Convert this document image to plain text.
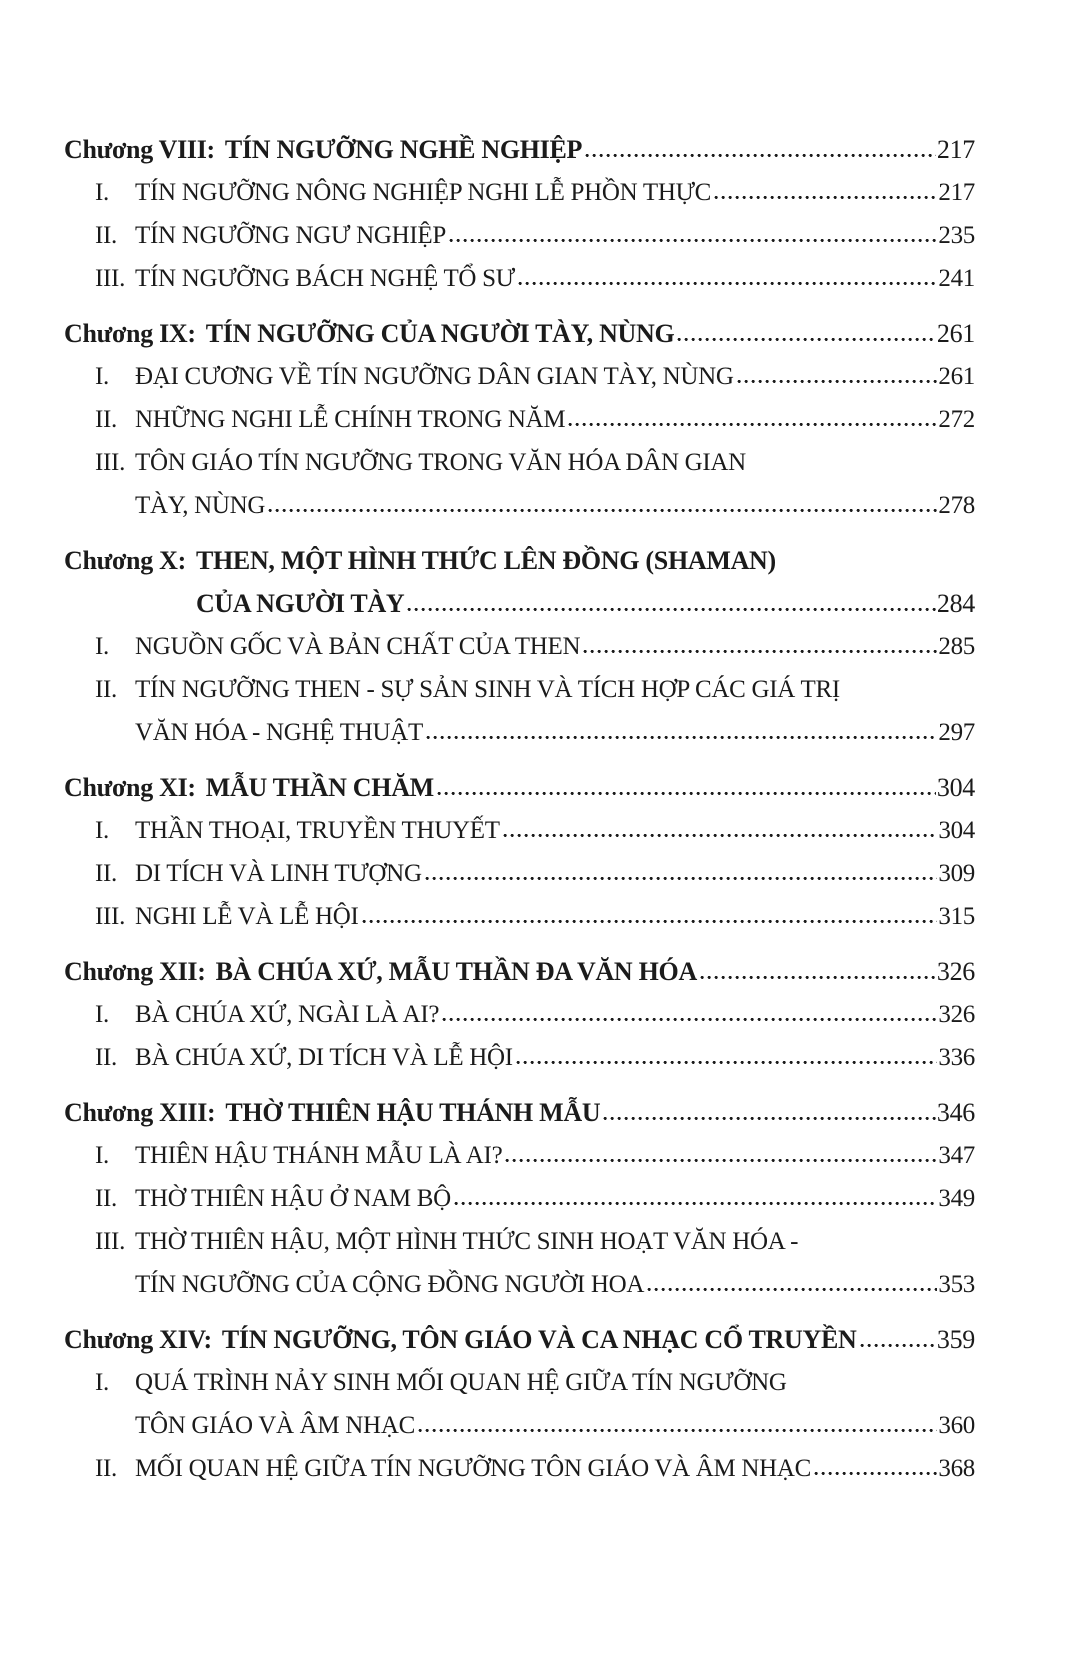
Chương VIII: TÍN NGƯỠNG NGHỀ NGHIỆP	217
I.	TÍN NGƯỠNG NÔNG NGHIỆP NGHI LỄ PHỒN THỰC	217
II. TÍN NGƯỠNG NGƯ NGHIỆP	235
III. TÍN NGƯỠNG BÁCH NGHỆ TỔ SƯ	241
Chương IX: TÍN NGƯỠNG CỦA NGƯỜI TÀY, NÙNG	261
I.	ĐẠI CƯƠNG VỀ TÍN NGƯỠNG DÂN GIAN TÀY, NÙNG	261
II. NHỮNG NGHI LỄ CHÍNH TRONG NĂM	272
III. TÔN GIÁO TÍN NGƯỠNG TRONG VĂN HÓA DÂN GIAN
TÀY, NÙNG	278
Chương X: THEN, MỘT HÌNH THỨC LÊN ĐỒNG (SHAMAN)
CỦA NGƯỜI TÀY	284
I.	NGUỒN GỐC VÀ BẢN CHẤT CỦA THEN	285
II. TÍN NGƯỠNG THEN - SỰ SẢN SINH VÀ TÍCH HỢP CÁC GIÁ TRỊ
VĂN HÓA - NGHỆ THUẬT	297
Chương XI: MẪU THẦN CHĂM	304
I.	THẦN THOẠI, TRUYỀN THUYẾT	304
II. DI TÍCH VÀ LINH TƯỢNG	309
III. NGHI LỄ VÀ LỄ HỘI	315
Chương XII: BÀ CHÚA XỨ, MẪU THẦN ĐA VĂN HÓA	326
I.	BÀ CHÚA XỨ, NGÀI LÀ AI?	326
II. BÀ CHÚA XỨ, DI TÍCH VÀ LỄ HỘI	336
Chương XIII: THỜ THIÊN HẬU THÁNH MẪU	346
I.	THIÊN HẬU THÁNH MẪU LÀ AI?	347
II. THỜ THIÊN HẬU Ở NAM BỘ	349
III. THỜ THIÊN HẬU, MỘT HÌNH THỨC SINH HOẠT VĂN HÓA -
TÍN NGƯỠNG CỦA CỘNG ĐỒNG NGƯỜI HOA	353
Chương XIV: TÍN NGƯỠNG, TÔN GIÁO VÀ CA NHẠC CỔ TRUYỀN	359
I.	QUÁ TRÌNH NẢY SINH MỐI QUAN HỆ GIỮA TÍN NGƯỠNG
TÔN GIÁO VÀ ÂM NHẠC	360
II. MỐI QUAN HỆ GIỮA TÍN NGƯỠNG TÔN GIÁO VÀ ÂM NHẠC	368
